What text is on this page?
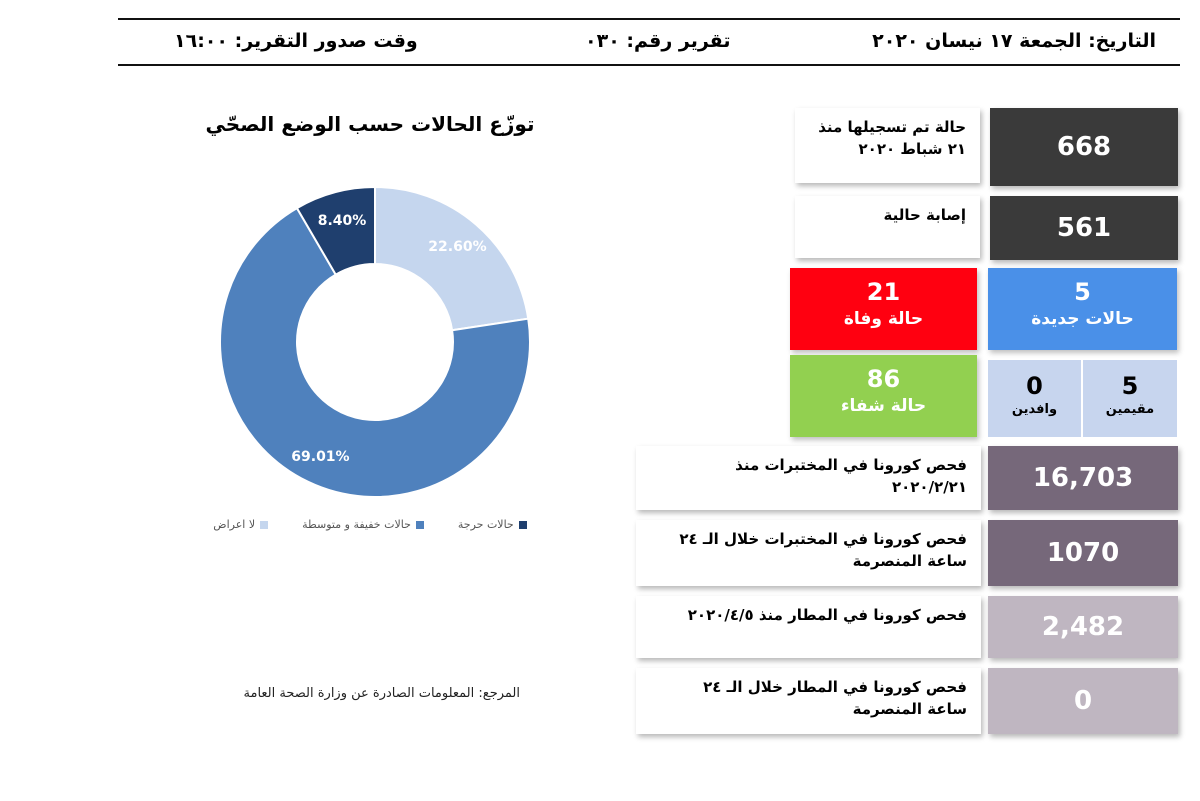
التاريخ: الجمعة ١٧ نيسان ٢٠٢٠
تقرير رقم: ٠٣٠
وقت صدور التقرير: ١٦:٠٠
توزّع الحالات حسب الوضع الصحّي
22.60%
69.01%
8.40%
حالات حرجة
حالات خفيفة و متوسطة
لا اعراض
المرجع: المعلومات الصادرة عن وزارة الصحة العامة
حالة تم تسجيلها منذ
٢١ شباط ٢٠٢٠	668
إصابة حالية	561
21
حالة وفاة
5
حالات جديدة
86
حالة شفاء
0
وافدين
5
مقيمين
فحص كورونا في المختبرات منذ
٢٠٢٠/٢/٢١	16,703
فحص كورونا في المختبرات خلال الـ ٢٤
ساعة المنصرمة	1070
فحص كورونا في المطار منذ ٢٠٢٠/٤/٥	2,482
فحص كورونا في المطار خلال الـ ٢٤
ساعة المنصرمة	0
